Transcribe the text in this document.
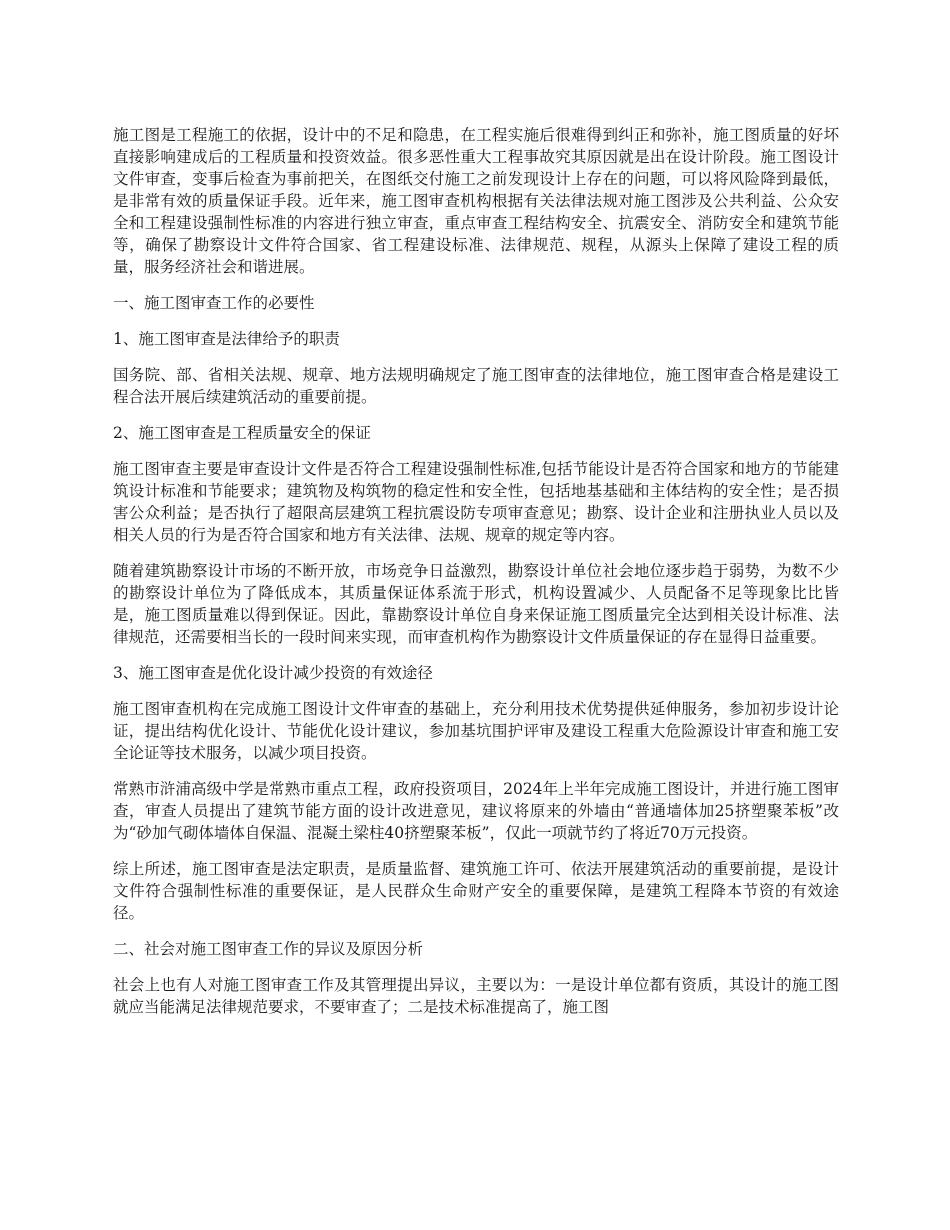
施工图是工程施工的依据，设计中的不足和隐患，在工程实施后很难得到纠正和弥补，施工图质量的好坏直接影响建成后的工程质量和投资效益。很多恶性重大工程事故究其原因就是出在设计阶段。施工图设计文件审查，变事后检查为事前把关，在图纸交付施工之前发现设计上存在的问题，可以将风险降到最低，是非常有效的质量保证手段。近年来，施工图审查机构根据有关法律法规对施工图涉及公共利益、公众安全和工程建设强制性标准的内容进行独立审查，重点审查工程结构安全、抗震安全、消防安全和建筑节能等，确保了勘察设计文件符合国家、省工程建设标准、法律规范、规程，从源头上保障了建设工程的质量，服务经济社会和谐进展。
一、施工图审查工作的必要性
1、施工图审查是法律给予的职责
国务院、部、省相关法规、规章、地方法规明确规定了施工图审查的法律地位，施工图审查合格是建设工程合法开展后续建筑活动的重要前提。
2、施工图审查是工程质量安全的保证
施工图审查主要是审查设计文件是否符合工程建设强制性标准,包括节能设计是否符合国家和地方的节能建筑设计标准和节能要求；建筑物及构筑物的稳定性和安全性，包括地基基础和主体结构的安全性；是否损害公众利益；是否执行了超限高层建筑工程抗震设防专项审查意见；勘察、设计企业和注册执业人员以及相关人员的行为是否符合国家和地方有关法律、法规、规章的规定等内容。
随着建筑勘察设计市场的不断开放，市场竞争日益激烈，勘察设计单位社会地位逐步趋于弱势，为数不少的勘察设计单位为了降低成本，其质量保证体系流于形式，机构设置减少、人员配备不足等现象比比皆是，施工图质量难以得到保证。因此，靠勘察设计单位自身来保证施工图质量完全达到相关设计标准、法律规范，还需要相当长的一段时间来实现，而审查机构作为勘察设计文件质量保证的存在显得日益重要。
3、施工图审查是优化设计减少投资的有效途径
施工图审查机构在完成施工图设计文件审查的基础上，充分利用技术优势提供延伸服务，参加初步设计论证，提出结构优化设计、节能优化设计建议，参加基坑围护评审及建设工程重大危险源设计审查和施工安全论证等技术服务，以减少项目投资。
常熟市浒浦高级中学是常熟市重点工程，政府投资项目，2024年上半年完成施工图设计，并进行施工图审查，审查人员提出了建筑节能方面的设计改进意见，建议将原来的外墙由“普通墙体加25挤塑聚苯板”改为“砂加气砌体墙体自保温、混凝土梁柱40挤塑聚苯板”，仅此一项就节约了将近70万元投资。
综上所述，施工图审查是法定职责，是质量监督、建筑施工许可、依法开展建筑活动的重要前提，是设计文件符合强制性标准的重要保证，是人民群众生命财产安全的重要保障，是建筑工程降本节资的有效途径。
二、社会对施工图审查工作的异议及原因分析
社会上也有人对施工图审查工作及其管理提出异议，主要以为：一是设计单位都有资质，其设计的施工图就应当能满足法律规范要求，不要审查了；二是技术标准提高了，施工图
